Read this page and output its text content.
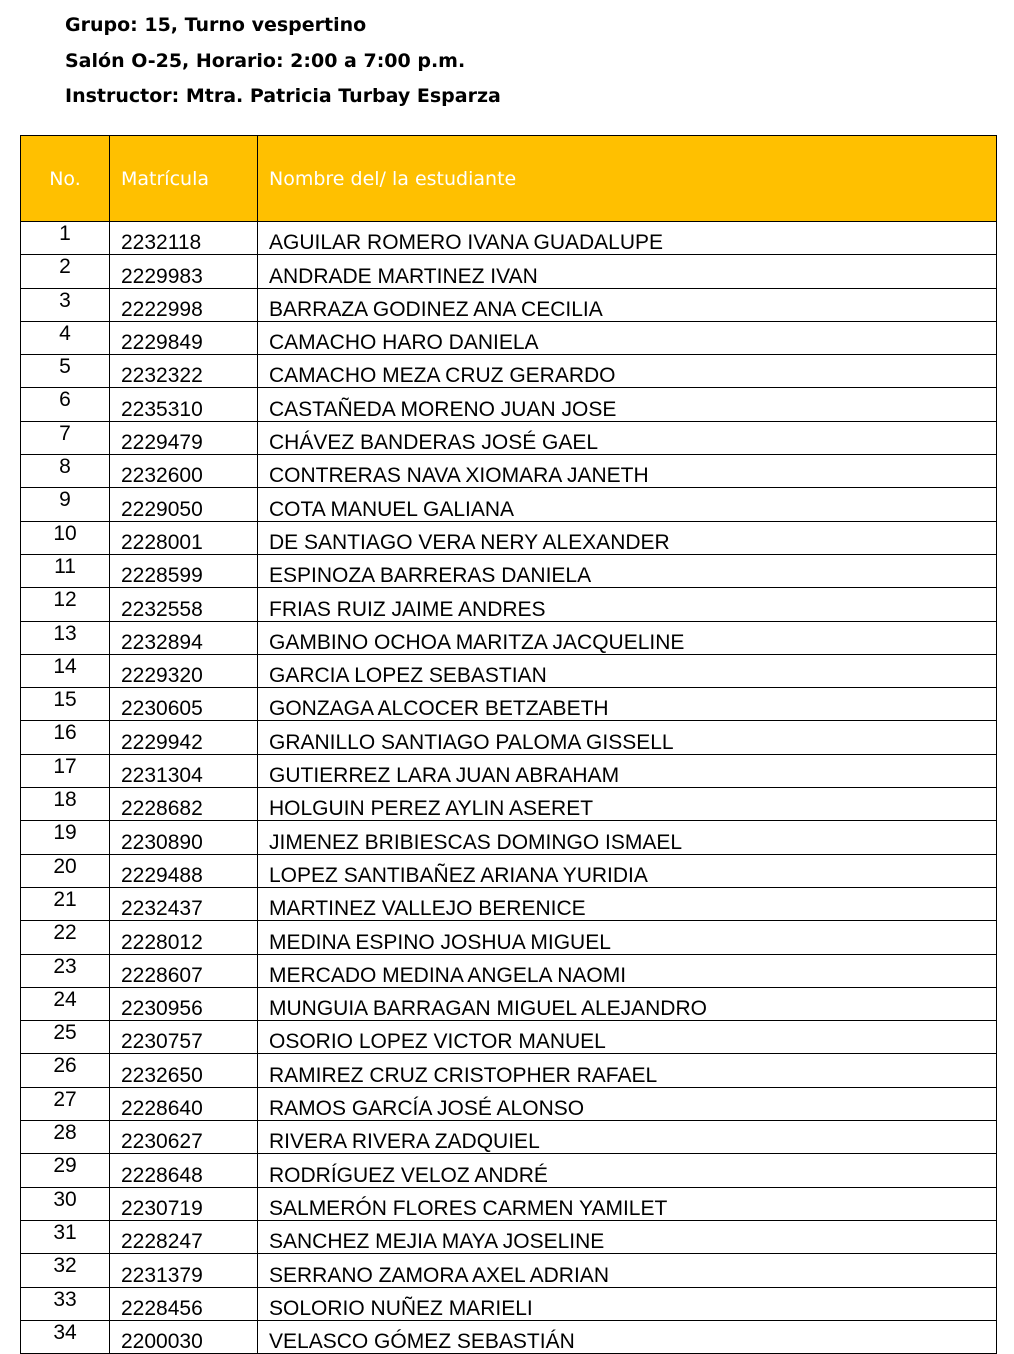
Grupo: 15, Turno vespertino
Salón O-25, Horario: 2:00 a 7:00 p.m.
Instructor: Mtra. Patricia Turbay Esparza
No.	Matrícula	Nombre del/ la estudiante
1	2232118	AGUILAR ROMERO IVANA GUADALUPE
2	2229983	ANDRADE MARTINEZ IVAN
3	2222998	BARRAZA GODINEZ ANA CECILIA
4	2229849	CAMACHO HARO DANIELA
5	2232322	CAMACHO MEZA CRUZ GERARDO
6	2235310	CASTAÑEDA MORENO JUAN JOSE
7	2229479	CHÁVEZ BANDERAS JOSÉ GAEL
8	2232600	CONTRERAS NAVA XIOMARA JANETH
9	2229050	COTA MANUEL GALIANA
10	2228001	DE SANTIAGO VERA NERY ALEXANDER
11	2228599	ESPINOZA BARRERAS DANIELA
12	2232558	FRIAS RUIZ JAIME ANDRES
13	2232894	GAMBINO OCHOA MARITZA JACQUELINE
14	2229320	GARCIA LOPEZ SEBASTIAN
15	2230605	GONZAGA ALCOCER BETZABETH
16	2229942	GRANILLO SANTIAGO PALOMA GISSELL
17	2231304	GUTIERREZ LARA JUAN ABRAHAM
18	2228682	HOLGUIN PEREZ AYLIN ASERET
19	2230890	JIMENEZ BRIBIESCAS DOMINGO ISMAEL
20	2229488	LOPEZ SANTIBAÑEZ ARIANA YURIDIA
21	2232437	MARTINEZ VALLEJO BERENICE
22	2228012	MEDINA ESPINO JOSHUA MIGUEL
23	2228607	MERCADO MEDINA ANGELA NAOMI
24	2230956	MUNGUIA BARRAGAN MIGUEL ALEJANDRO
25	2230757	OSORIO LOPEZ VICTOR MANUEL
26	2232650	RAMIREZ CRUZ CRISTOPHER RAFAEL
27	2228640	RAMOS GARCÍA JOSÉ ALONSO
28	2230627	RIVERA RIVERA ZADQUIEL
29	2228648	RODRÍGUEZ VELOZ ANDRÉ
30	2230719	SALMERÓN FLORES CARMEN YAMILET
31	2228247	SANCHEZ MEJIA MAYA JOSELINE
32	2231379	SERRANO ZAMORA AXEL ADRIAN
33	2228456	SOLORIO NUÑEZ MARIELI
34	2200030	VELASCO GÓMEZ SEBASTIÁN
